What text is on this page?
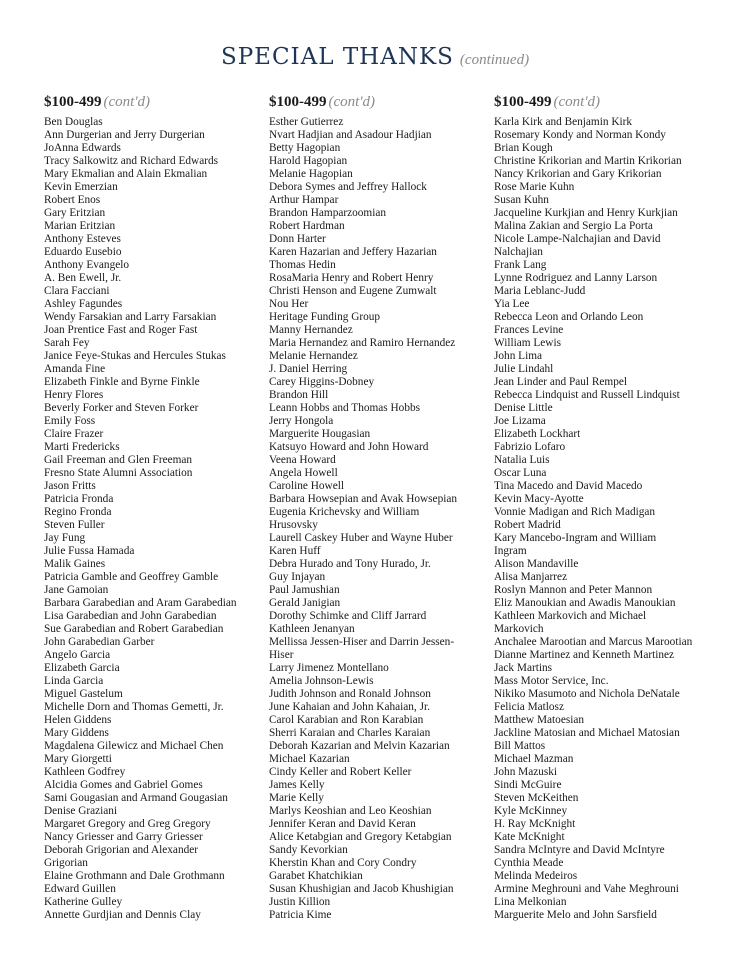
SPECIAL THANKS (continued)
$100-499 (cont'd)
Ben Douglas
Ann Durgerian and Jerry Durgerian
JoAnna Edwards
Tracy Salkowitz and Richard Edwards
Mary Ekmalian and Alain Ekmalian
Kevin Emerzian
Robert Enos
Gary Eritzian
Marian Eritzian
Anthony Esteves
Eduardo Eusebio
Anthony Evangelo
A. Ben Ewell, Jr.
Clara Facciani
Ashley Fagundes
Wendy Farsakian and Larry Farsakian
Joan Prentice Fast and Roger Fast
Sarah Fey
Janice Feye-Stukas and Hercules Stukas
Amanda Fine
Elizabeth Finkle and Byrne Finkle
Henry Flores
Beverly Forker and Steven Forker
Emily Foss
Claire Frazer
Marti Fredericks
Gail Freeman and Glen Freeman
Fresno State Alumni Association
Jason Fritts
Patricia Fronda
Regino Fronda
Steven Fuller
Jay Fung
Julie Fussa Hamada
Malik Gaines
Patricia Gamble and Geoffrey Gamble
Jane Gamoian
Barbara Garabedian and Aram Garabedian
Lisa Garabedian and John Garabedian
Sue Garabedian and Robert Garabedian
John Garabedian Garber
Angelo Garcia
Elizabeth Garcia
Linda Garcia
Miguel Gastelum
Michelle Dorn and Thomas Gemetti, Jr.
Helen Giddens
Mary Giddens
Magdalena Gilewicz and Michael Chen
Mary Giorgetti
Kathleen Godfrey
Alcidia Gomes and Gabriel Gomes
Sami Gougasian and Armand Gougasian
Denise Graziani
Margaret Gregory and Greg Gregory
Nancy Griesser and Garry Griesser
Deborah Grigorian and Alexander
Grigorian
Elaine Grothmann and Dale Grothmann
Edward Guillen
Katherine Gulley
Annette Gurdjian and Dennis Clay
$100-499 (cont'd)
Esther Gutierrez
Nvart Hadjian and Asadour Hadjian
Betty Hagopian
Harold Hagopian
Melanie Hagopian
Debora Symes and Jeffrey Hallock
Arthur Hampar
Brandon Hamparzoomian
Robert Hardman
Donn Harter
Karen Hazarian and Jeffery Hazarian
Thomas Hedin
RosaMaria Henry and Robert Henry
Christi Henson and Eugene Zumwalt
Nou Her
Heritage Funding Group
Manny Hernandez
Maria Hernandez and Ramiro Hernandez
Melanie Hernandez
J. Daniel Herring
Carey Higgins-Dobney
Brandon Hill
Leann Hobbs and Thomas Hobbs
Jerry Hongola
Marguerite Hougasian
Katsuyo Howard and John Howard
Veena Howard
Angela Howell
Caroline Howell
Barbara Howsepian and Avak Howsepian
Eugenia Krichevsky and William
Hrusovsky
Laurell Caskey Huber and Wayne Huber
Karen Huff
Debra Hurado and Tony Hurado, Jr.
Guy Injayan
Paul Jamushian
Gerald Janigian
Dorothy Schimke and Cliff Jarrard
Kathleen Jenanyan
Mellissa Jessen-Hiser and Darrin Jessen-
Hiser
Larry Jimenez Montellano
Amelia Johnson-Lewis
Judith Johnson and Ronald Johnson
June Kahaian and John Kahaian, Jr.
Carol Karabian and Ron Karabian
Sherri Karaian and Charles Karaian
Deborah Kazarian and Melvin Kazarian
Michael Kazarian
Cindy Keller and Robert Keller
James Kelly
Marie Kelly
Marlys Keoshian and Leo Keoshian
Jennifer Keran and David Keran
Alice Ketabgian and Gregory Ketabgian
Sandy Kevorkian
Kherstin Khan and Cory Condry
Garabet Khatchikian
Susan Khushigian and Jacob Khushigian
Justin Killion
Patricia Kime
$100-499 (cont'd)
Karla Kirk and Benjamin Kirk
Rosemary Kondy and Norman Kondy
Brian Kough
Christine Krikorian and Martin Krikorian
Nancy Krikorian and Gary Krikorian
Rose Marie Kuhn
Susan Kuhn
Jacqueline Kurkjian and Henry Kurkjian
Malina Zakian and Sergio La Porta
Nicole Lampe-Nalchajian and David
Nalchajian
Frank Lang
Lynne Rodriguez and Lanny Larson
Maria Leblanc-Judd
Yia Lee
Rebecca Leon and Orlando Leon
Frances Levine
William Lewis
John Lima
Julie Lindahl
Jean Linder and Paul Rempel
Rebecca Lindquist and Russell Lindquist
Denise Little
Joe Lizama
Elizabeth Lockhart
Fabrizio Lofaro
Natalia Luis
Oscar Luna
Tina Macedo and David Macedo
Kevin Macy-Ayotte
Vonnie Madigan and Rich Madigan
Robert Madrid
Kary Mancebo-Ingram and William
Ingram
Alison Mandaville
Alisa Manjarrez
Roslyn Mannon and Peter Mannon
Eliz Manoukian and Awadis Manoukian
Kathleen Markovich and Michael
Markovich
Anchalee Marootian and Marcus Marootian
Dianne Martinez and Kenneth Martinez
Jack Martins
Mass Motor Service, Inc.
Nikiko Masumoto and Nichola DeNatale
Felicia Matlosz
Matthew Matoesian
Jackline Matosian and Michael Matosian
Bill Mattos
Michael Mazman
John Mazuski
Sindi McGuire
Steven McKeithen
Kyle McKinney
H. Ray McKnight
Kate McKnight
Sandra McIntyre and David McIntyre
Cynthia Meade
Melinda Medeiros
Armine Meghrouni and Vahe Meghrouni
Lina Melkonian
Marguerite Melo and John Sarsfield
